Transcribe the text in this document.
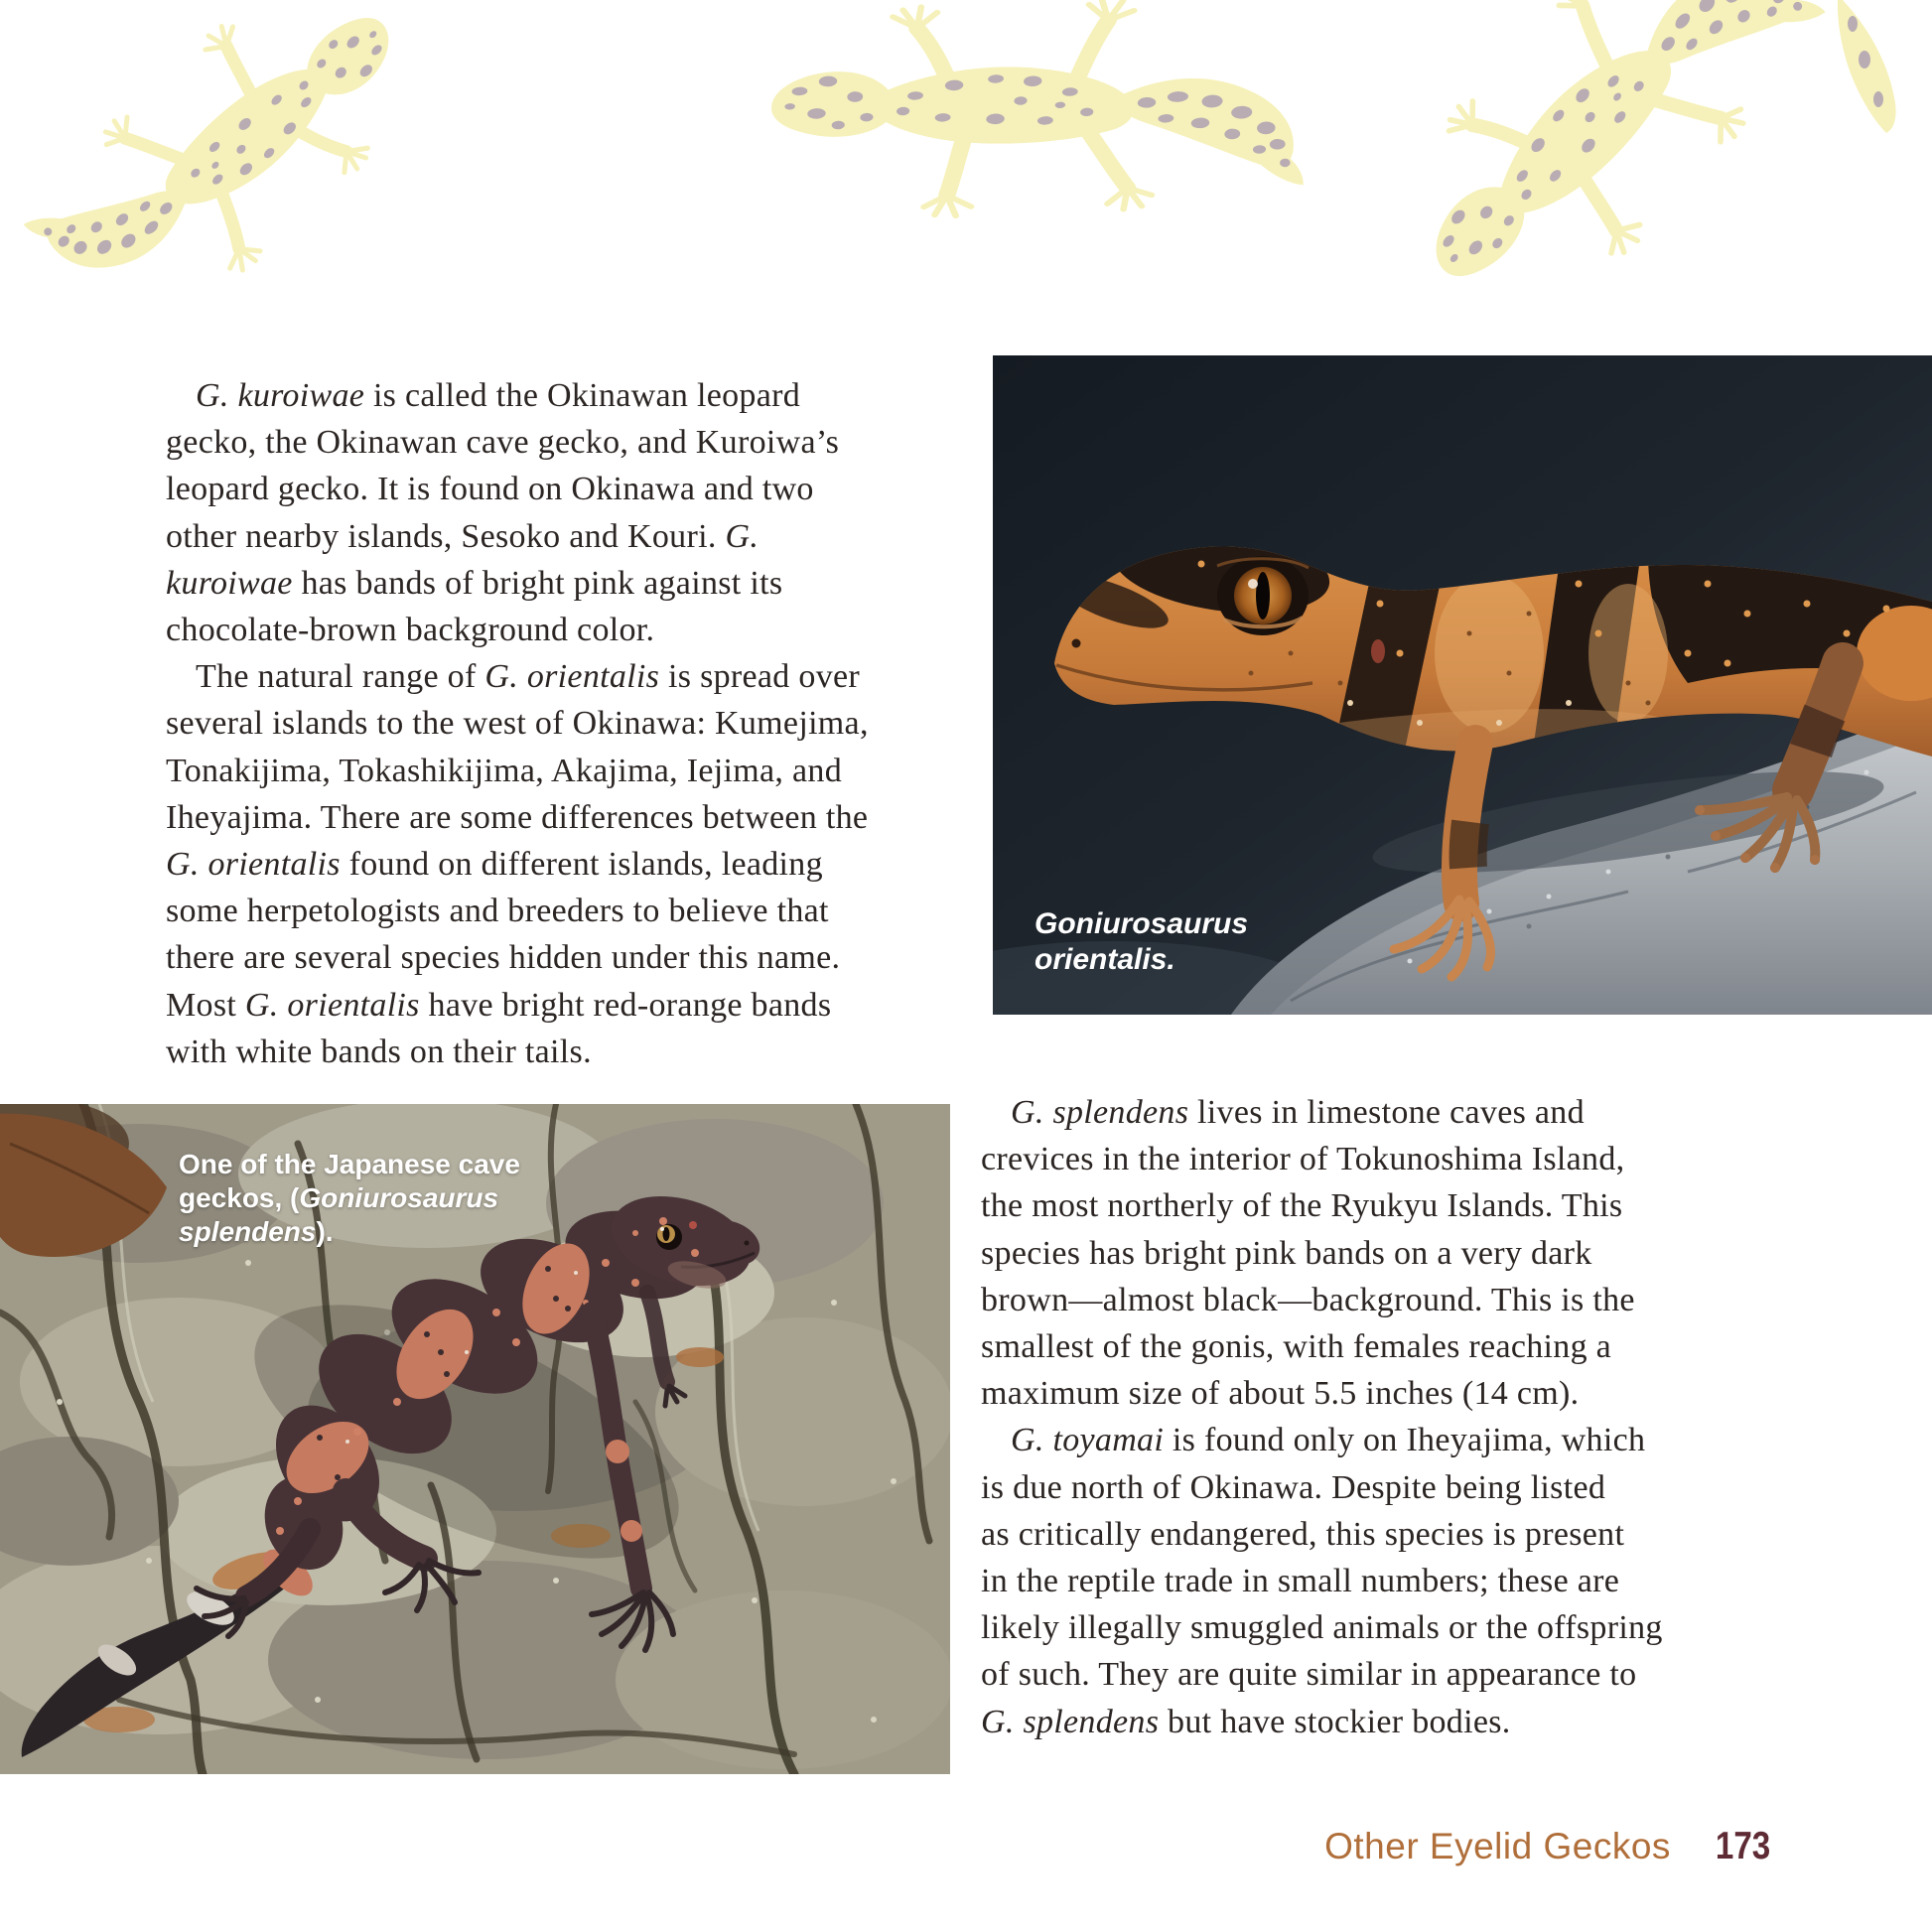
G. kuroiwae is called the Okinawan leopard
gecko, the Okinawan cave gecko, and Kuroiwa’s
leopard gecko. It is found on Okinawa and two
other nearby islands, Sesoko and Kouri. G.
kuroiwae has bands of bright pink against its
chocolate-brown background color.
The natural range of G. orientalis is spread over
several islands to the west of Okinawa: Kumejima,
Tonakijima, Tokashikijima, Akajima, Iejima, and
Iheyajima. There are some differences between the
G. orientalis found on different islands, leading
some herpetologists and breeders to believe that
there are several species hidden under this name.
Most G. orientalis have bright red-orange bands
with white bands on their tails.
Goniurosaurus
orientalis.
One of the Japanese cave
geckos, (Goniurosaurus
splendens).
G. splendens lives in limestone caves and
crevices in the interior of Tokunoshima Island,
the most northerly of the Ryukyu Islands. This
species has bright pink bands on a very dark
brown—almost black—background. This is the
smallest of the gonis, with females reaching a
maximum size of about 5.5 inches (14 cm).
G. toyamai is found only on Iheyajima, which
is due north of Okinawa. Despite being listed
as critically endangered, this species is present
in the reptile trade in small numbers; these are
likely illegally smuggled animals or the offspring
of such. They are quite similar in appearance to
G. splendens but have stockier bodies.
Other Eyelid Geckos 173
